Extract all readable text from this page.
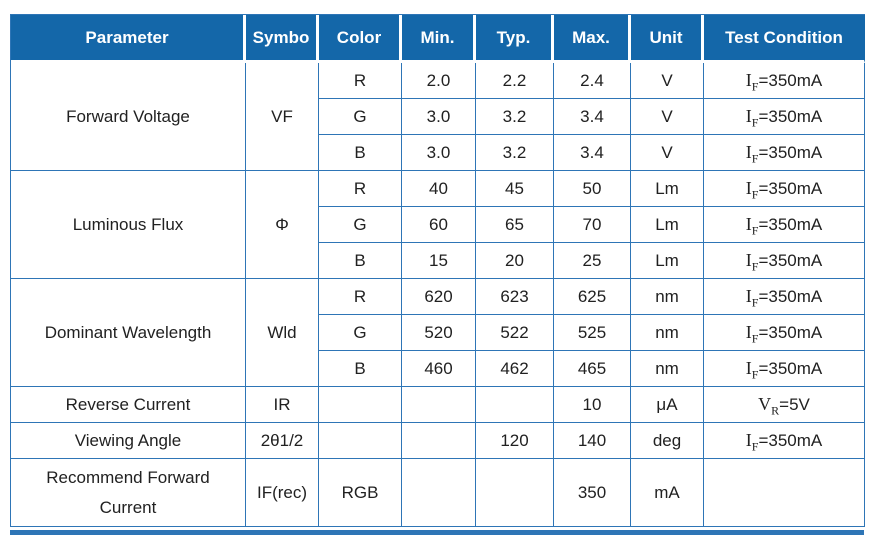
Parameter	Symbo	Color	Min.	Typ.	Max.	Unit	Test Condition
Forward Voltage	VF	R	2.0	2.2	2.4	V	$I_F=350mA$
		G	3.0	3.2	3.4	V	$I_F=350mA$
		B	3.0	3.2	3.4	V	$I_F=350mA$
Luminous Flux	Φ	R	40	45	50	Lm	$I_F=350mA$
		G	60	65	70	Lm	$I_F=350mA$
		B	15	20	25	Lm	$I_F=350mA$
Dominant Wavelength	Wld	R	620	623	625	nm	$I_F=350mA$
		G	520	522	525	nm	$I_F=350mA$
		B	460	462	465	nm	$I_F=350mA$
Reverse Current	IR				10	μA	$V_R=5V$
Viewing Angle	2θ1/2			120	140	deg	$I_F=350mA$
Recommend Forward Current	IF(rec)	RGB			350	mA	
